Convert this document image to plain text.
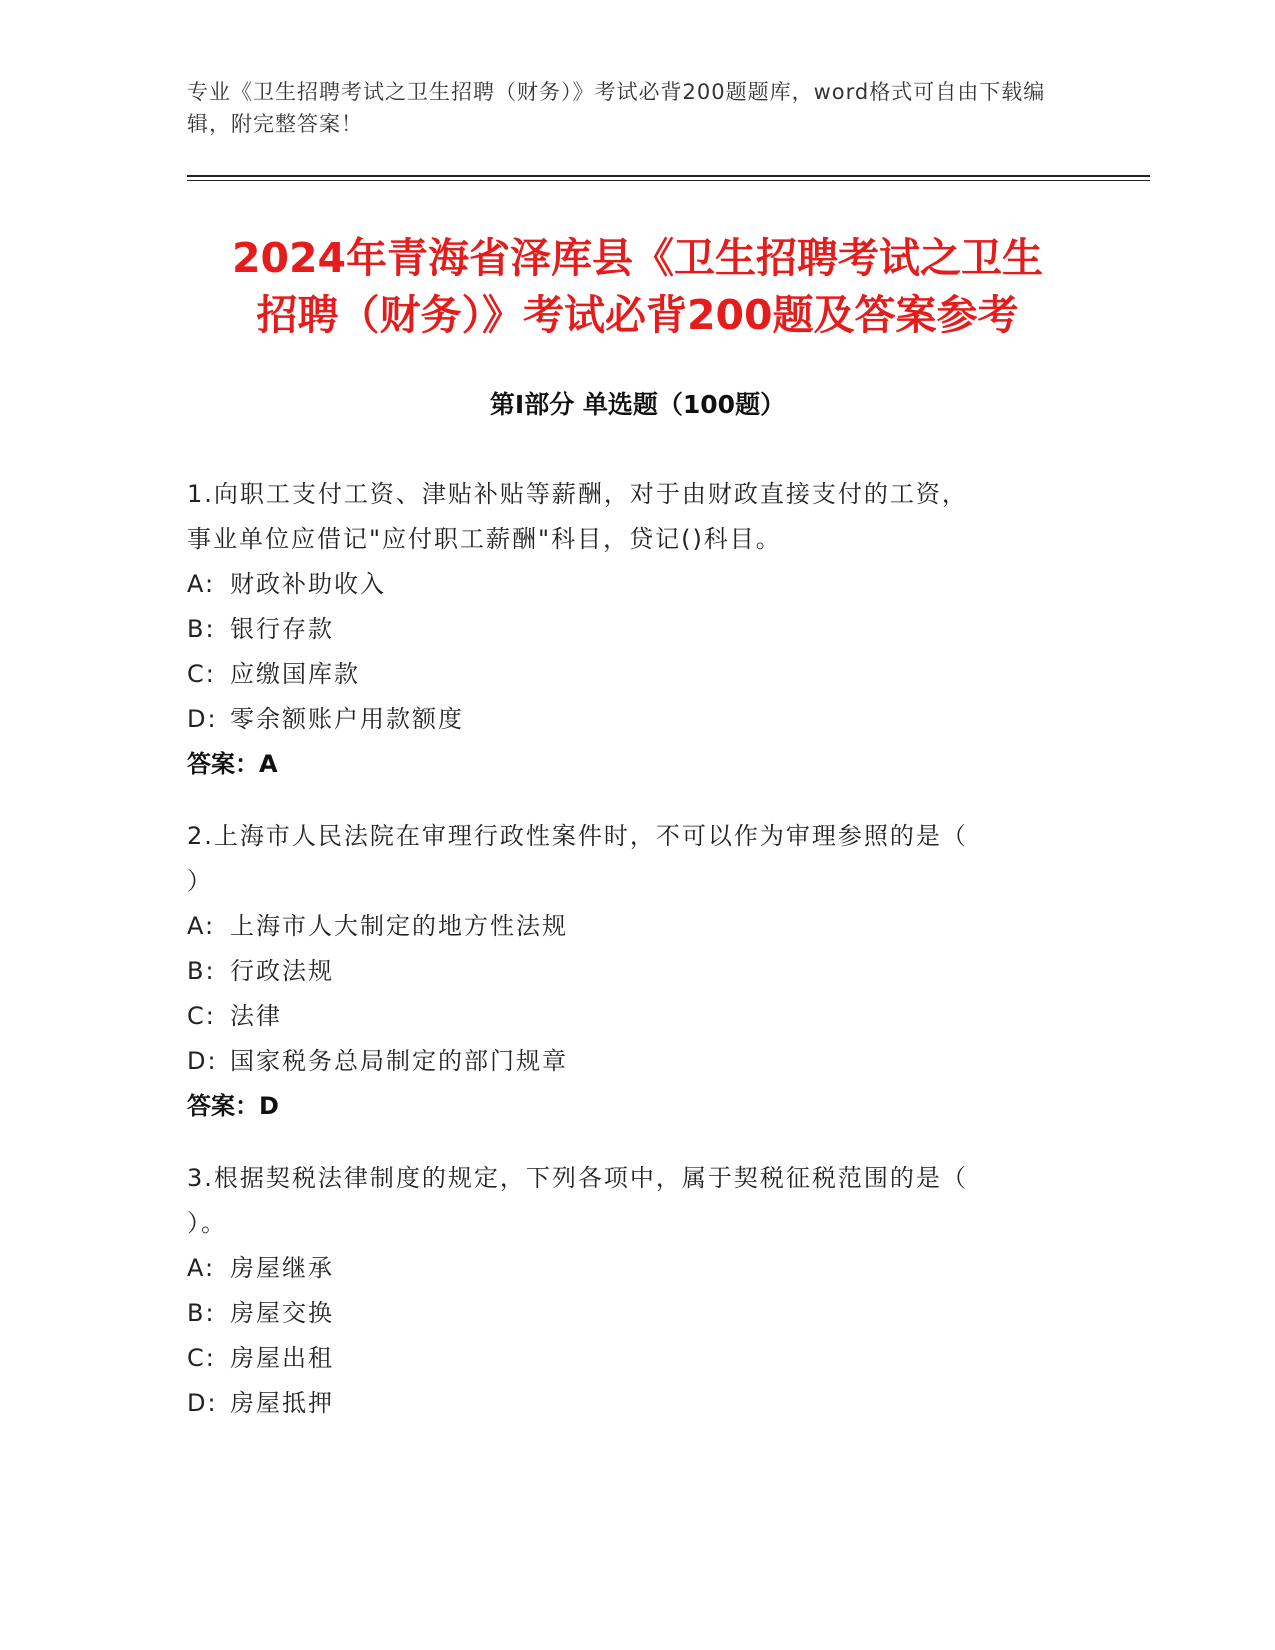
专业《卫生招聘考试之卫生招聘（财务）》考试必背200题题库，word格式可自由下载编辑，附完整答案！
2024年青海省泽库县《卫生招聘考试之卫生
招聘（财务）》考试必背200题及答案参考
第Ⅰ部分 单选题（100题）
1.向职工支付工资、津贴补贴等薪酬，对于由财政直接支付的工资，
事业单位应借记"应付职工薪酬"科目，贷记()科目。
A: 财政补助收入
B: 银行存款
C: 应缴国库款
D: 零余额账户用款额度
答案：A
2.上海市人民法院在审理行政性案件时，不可以作为审理参照的是（
）
A: 上海市人大制定的地方性法规
B: 行政法规
C: 法律
D: 国家税务总局制定的部门规章
答案：D
3.根据契税法律制度的规定，下列各项中，属于契税征税范围的是（
）。
A: 房屋继承
B: 房屋交换
C: 房屋出租
D: 房屋抵押
